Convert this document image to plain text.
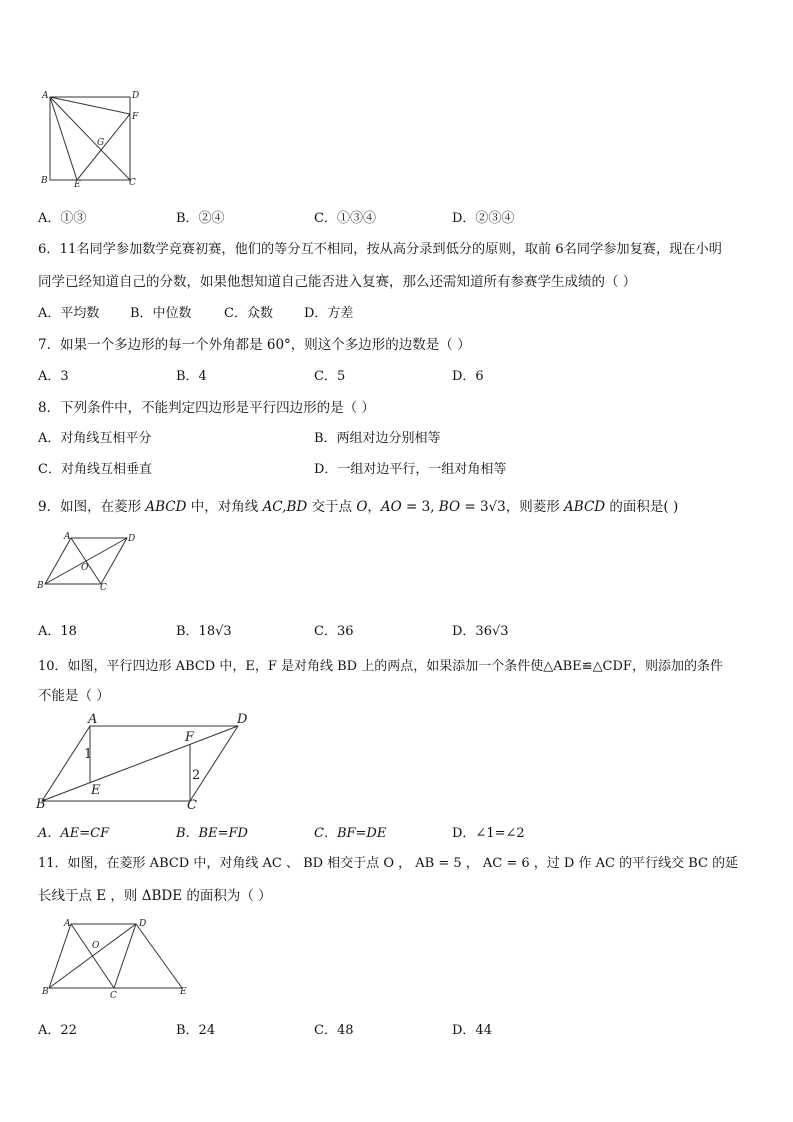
A	D
F
G
B	E	C
A．①③	B．②④	C．①③④	D．②③④
6．11名同学参加数学竞赛初赛，他们的等分互不相同，按从高分录到低分的原则，取前 6名同学参加复赛，现在小明
同学已经知道自己的分数，如果他想知道自己能否进入复赛，那么还需知道所有参赛学生成绩的（ ）
A．平均数 B．中位数 C．众数 D．方差
7．如果一个多边形的每一个外角都是 60°，则这个多边形的边数是（ ）
A．3	B．4	C．5	D．6
8．下列条件中，不能判定四边形是平行四边形的是（ ）
A．对角线互相平分	B．两组对边分别相等
C．对角线互相垂直	D．一组对边平行，一组对角相等
9．如图，在菱形 ABCD 中，对角线 AC,BD 交于点 O，AO = 3, BO = 3√3，则菱形 ABCD 的面积是( )
A	D
O
B	C
A．18	B．18√3	C．36	D．36√3
10．如图，平行四边形 ABCD 中，E，F 是对角线 BD 上的两点，如果添加一个条件使△ABE≌△CDF，则添加的条件
不能是（ ）
A	D
F
B
E
C
1
2
A．AE=CF	B．BE=FD	C．BF=DE	D．∠1=∠2
11．如图，在菱形 ABCD 中，对角线 AC 、 BD 相交于点 O ， AB = 5 ， AC = 6 ，过 D 作 AC 的平行线交 BC 的延
长线于点 E ，则 ΔBDE 的面积为（ ）
A	D
O
B	C	E
A．22	B．24	C．48	D．44
